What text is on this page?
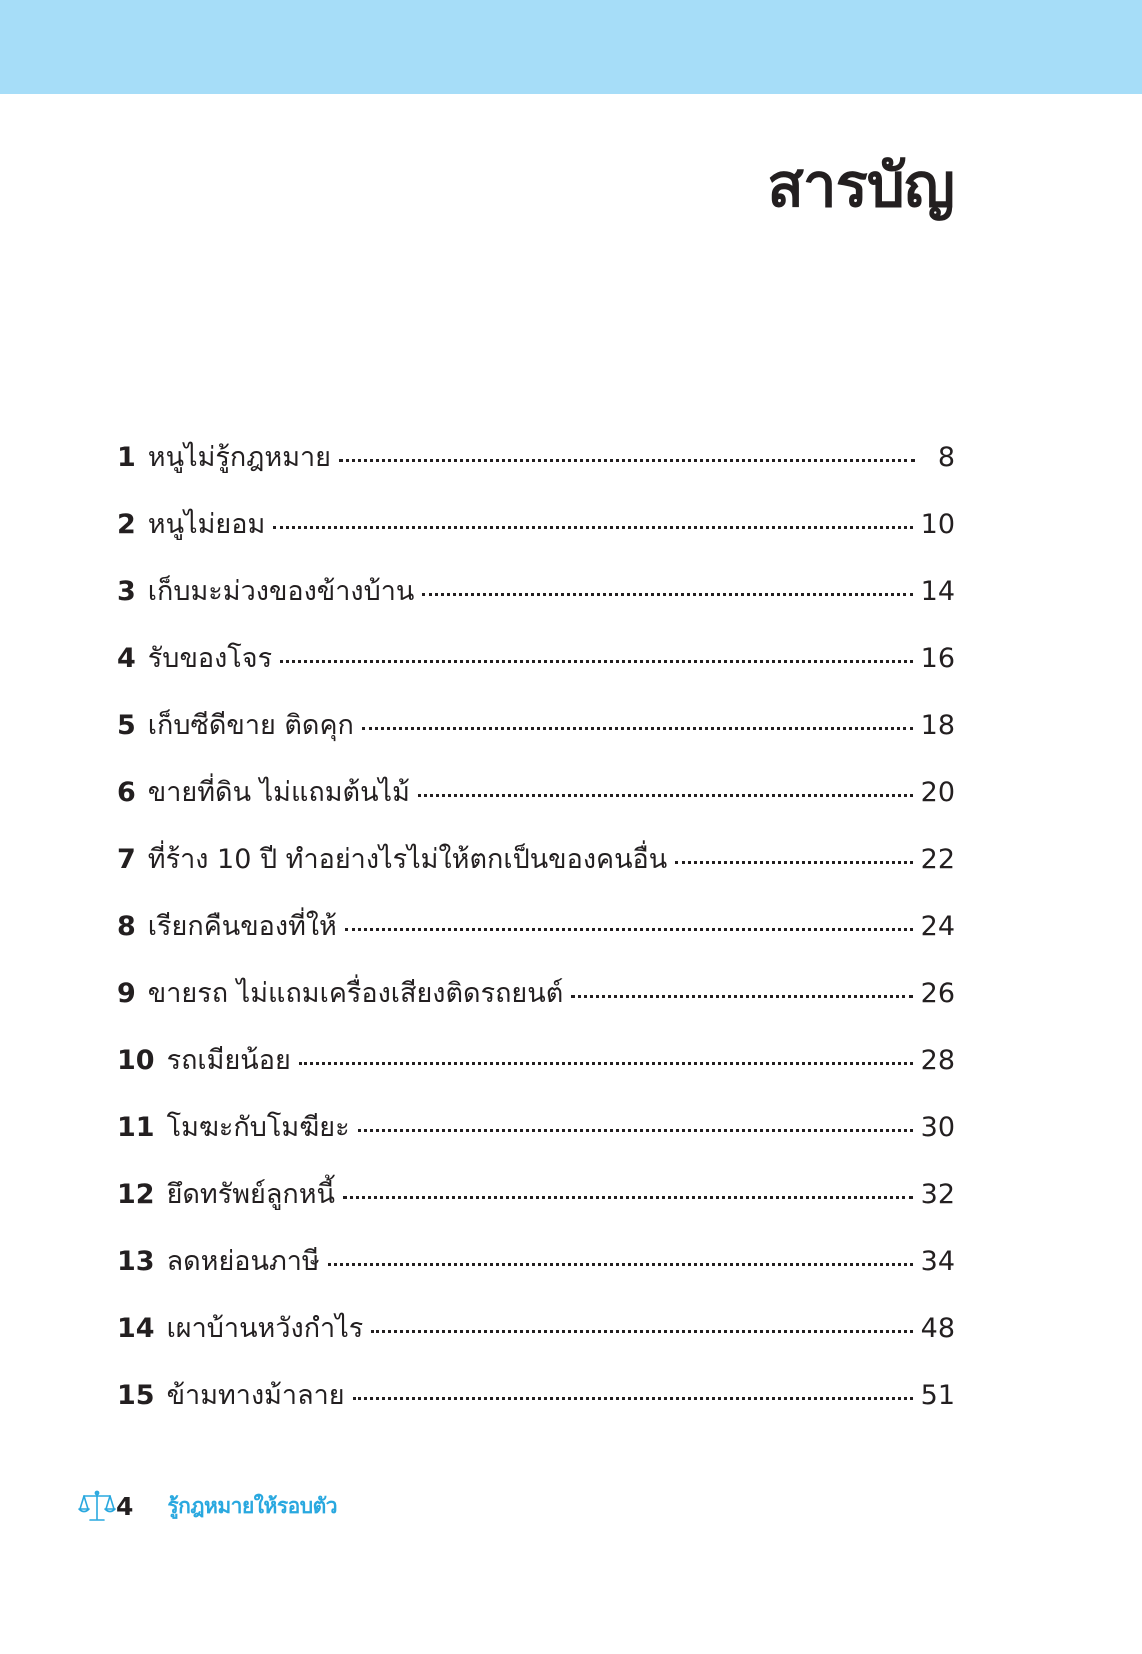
สารบัญ
1 หนูไม่รู้กฎหมาย	8
2 หนูไม่ยอม	10
3 เก็บมะม่วงของข้างบ้าน	14
4 รับของโจร	16
5 เก็บซีดีขาย ติดคุก	18
6 ขายที่ดิน ไม่แถมต้นไม้	20
7 ที่ร้าง 10 ปี ทำอย่างไรไม่ให้ตกเป็นของคนอื่น	22
8 เรียกคืนของที่ให้	24
9 ขายรถ ไม่แถมเครื่องเสียงติดรถยนต์	26
10 รถเมียน้อย	28
11 โมฆะกับโมฆียะ	30
12 ยึดทรัพย์ลูกหนี้	32
13 ลดหย่อนภาษี	34
14 เผาบ้านหวังกำไร	48
15 ข้ามทางม้าลาย	51
4 รู้กฎหมายให้รอบตัว
